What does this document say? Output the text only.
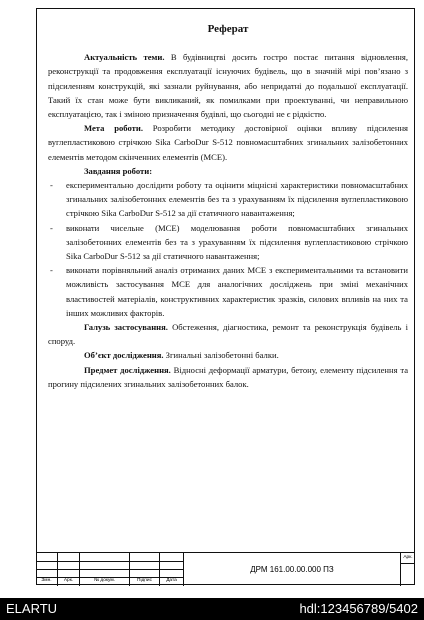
Реферат

Актуальність теми. В будівництві досить гостро постає питання відновлення, реконструкції та продовження експлуатації існуючих будівель, що в значній мірі пов’язано з підсиленням конструкцій, які зазнали руйнування, або непридатні до подальшої експлуатації. Такий їх стан може бути викликаний, як помилками при проектуванні, чи неправильною експлуатацією, так і зміною призначення будівлі, що сьогодні не є рідкістю.

Мета роботи. Розробити методику достовірної оцінки впливу підсилення вуглепластиковою стрічкою Sika CarboDur S-512 повномасштабних згинальних залізобетонних елементів методом скінченних елементів (МСЕ).

Завдання роботи:

- експериментально дослідити роботу та оцінити міцнісні характеристики повномасштабних згинальних залізобетонних елементів без та з урахуванням їх підсилення вуглепластиковою стрічкою Sika CarboDur S-512 за дії статичного навантаження;
- виконати чисельне (МСЕ) моделювання роботи повномасштабних згинальних залізобетонних елементів без та з урахуванням їх підсилення вуглепластиковою стрічкою Sika CarboDur S-512 за дії статичного навантаження;
- виконати порівняльний аналіз отриманих даних МСЕ з експериментальними та встановити можливість застосування МСЕ для аналогічних досліджень при зміні механічних властивостей матеріалів, конструктивних характеристик зразків, силових впливів на них та інших можливих факторів.

Галузь застосування. Обстеження, діагностика, ремонт та реконструкція будівель і споруд.

Об’єкт дослідження. Згинальні залізобетонні балки.

Предмет дослідження. Відносні деформації арматури, бетону, елементу підсилення та прогину підсилених згинальних залізобетонних балок.

Змн.	Арк.	№ докум.	Підпис	Дата
ДРМ 161.00.00.000 ПЗ
Арк.
ELARTU	hdl:123456789/5402
